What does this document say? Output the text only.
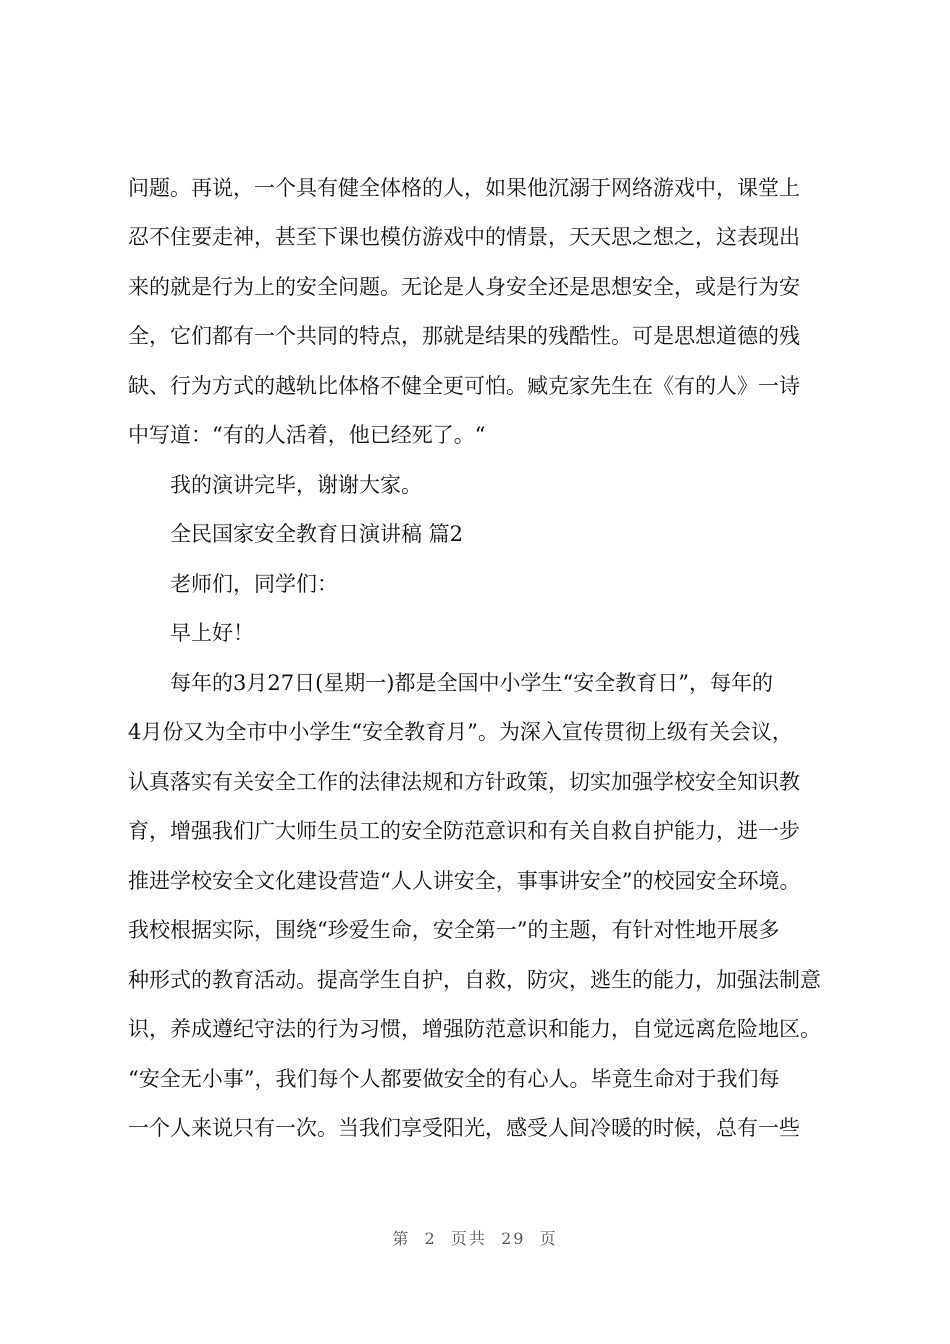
问题。再说，一个具有健全体格的人，如果他沉溺于网络游戏中，课堂上
忍不住要走神，甚至下课也模仿游戏中的情景，天天思之想之，这表现出
来的就是行为上的安全问题。无论是人身安全还是思想安全，或是行为安
全，它们都有一个共同的特点，那就是结果的残酷性。可是思想道德的残
缺、行为方式的越轨比体格不健全更可怕。臧克家先生在《有的人》一诗
中写道：“有的人活着，他已经死了。“
我的演讲完毕，谢谢大家。
全民国家安全教育日演讲稿 篇2
老师们，同学们：
早上好！
每年的3月27日(星期一)都是全国中小学生“安全教育日”，每年的
4月份又为全市中小学生“安全教育月”。为深入宣传贯彻上级有关会议，
认真落实有关安全工作的法律法规和方针政策，切实加强学校安全知识教
育，增强我们广大师生员工的安全防范意识和有关自救自护能力，进一步
推进学校安全文化建设营造“人人讲安全，事事讲安全”的校园安全环境。
我校根据实际，围绕“珍爱生命，安全第一”的主题，有针对性地开展多
种形式的教育活动。提高学生自护，自救，防灾，逃生的能力，加强法制意
识，养成遵纪守法的行为习惯，增强防范意识和能力，自觉远离危险地区。
“安全无小事”，我们每个人都要做安全的有心人。毕竟生命对于我们每
一个人来说只有一次。当我们享受阳光，感受人间冷暖的时候，总有一些
第  2  页共  29  页
